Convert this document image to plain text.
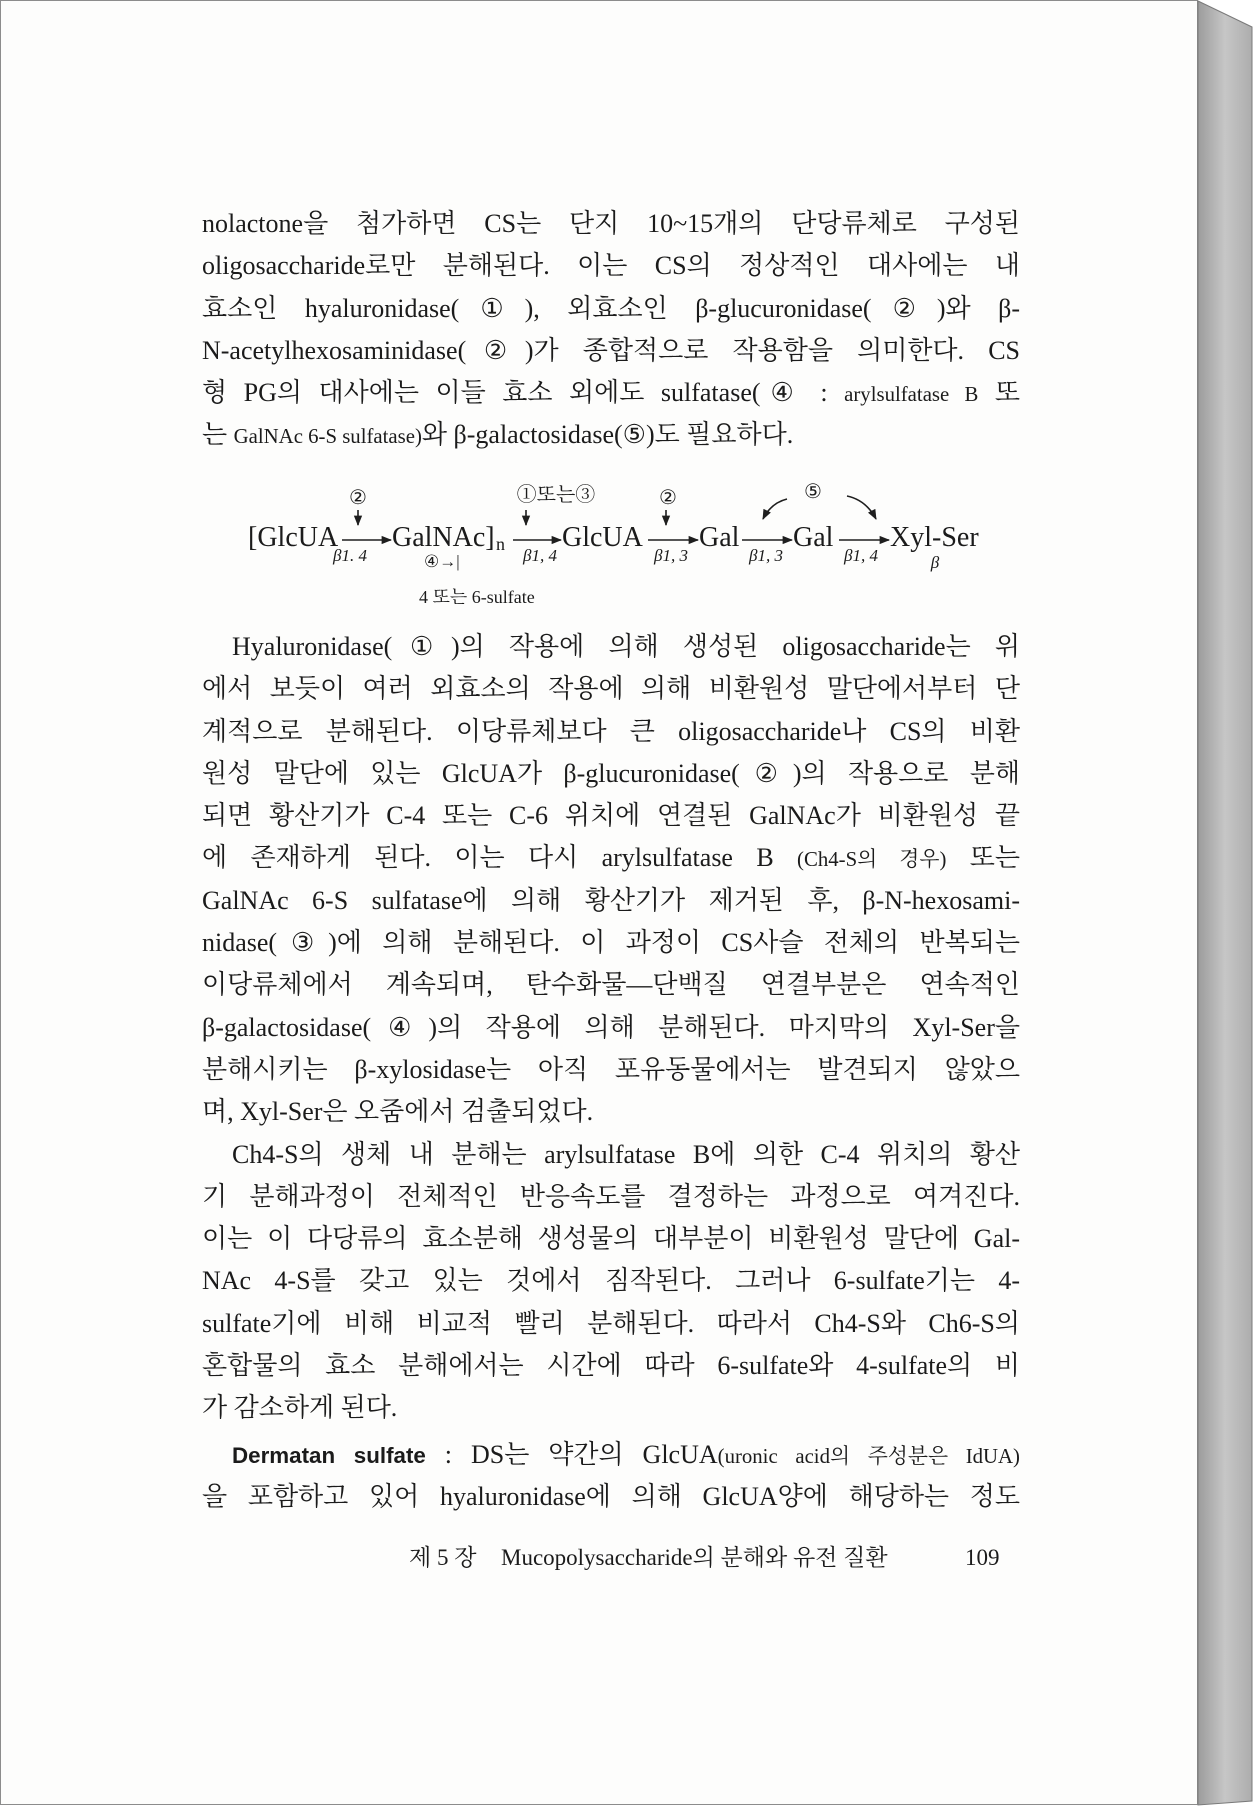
nolactone을 첨가하면 CS는 단지 10~15개의 단당류체로 구성된
oligosaccharide로만 분해된다. 이는 CS의 정상적인 대사에는 내
효소인 hyaluronidase(①), 외효소인 β-glucuronidase(②)와 β-
N-acetylhexosaminidase(②)가 종합적으로 작용함을 의미한다. CS
형 PG의 대사에는 이들 효소 외에도 sulfatase(④ : arylsulfatase B 또
는 GalNAc 6-S sulfatase)와 β-galactosidase(⑤)도 필요하다.
②	①또는③	②	⑤
[GlcUA GalNAc] n GlcUA Gal Gal Xyl-Ser
β1. 4	β1, 4	β1, 3	β1, 3	β1, 4	β
④→|
4 또는 6-sulfate
Hyaluronidase(①)의 작용에 의해 생성된 oligosaccharide는 위
에서 보듯이 여러 외효소의 작용에 의해 비환원성 말단에서부터 단
계적으로 분해된다. 이당류체보다 큰 oligosaccharide나 CS의 비환
원성 말단에 있는 GlcUA가 β-glucuronidase(②)의 작용으로 분해
되면 황산기가 C-4 또는 C-6 위치에 연결된 GalNAc가 비환원성 끝
에 존재하게 된다. 이는 다시 arylsulfatase B (Ch4-S의 경우) 또는
GalNAc 6-S sulfatase에 의해 황산기가 제거된 후, β-N-hexosami-
nidase(③)에 의해 분해된다. 이 과정이 CS사슬 전체의 반복되는
이당류체에서 계속되며, 탄수화물—단백질 연결부분은 연속적인
β-galactosidase(④)의 작용에 의해 분해된다. 마지막의 Xyl-Ser을
분해시키는 β-xylosidase는 아직 포유동물에서는 발견되지 않았으
며, Xyl-Ser은 오줌에서 검출되었다.
Ch4-S의 생체 내 분해는 arylsulfatase B에 의한 C-4 위치의 황산
기 분해과정이 전체적인 반응속도를 결정하는 과정으로 여겨진다.
이는 이 다당류의 효소분해 생성물의 대부분이 비환원성 말단에 Gal-
NAc 4-S를 갖고 있는 것에서 짐작된다. 그러나 6-sulfate기는 4-
sulfate기에 비해 비교적 빨리 분해된다. 따라서 Ch4-S와 Ch6-S의
혼합물의 효소 분해에서는 시간에 따라 6-sulfate와 4-sulfate의 비
가 감소하게 된다.
Dermatan sulfate : DS는 약간의 GlcUA(uronic acid의 주성분은 IdUA)
을 포함하고 있어 hyaluronidase에 의해 GlcUA양에 해당하는 정도
제 5 장 Mucopolysaccharide의 분해와 유전 질환	109
